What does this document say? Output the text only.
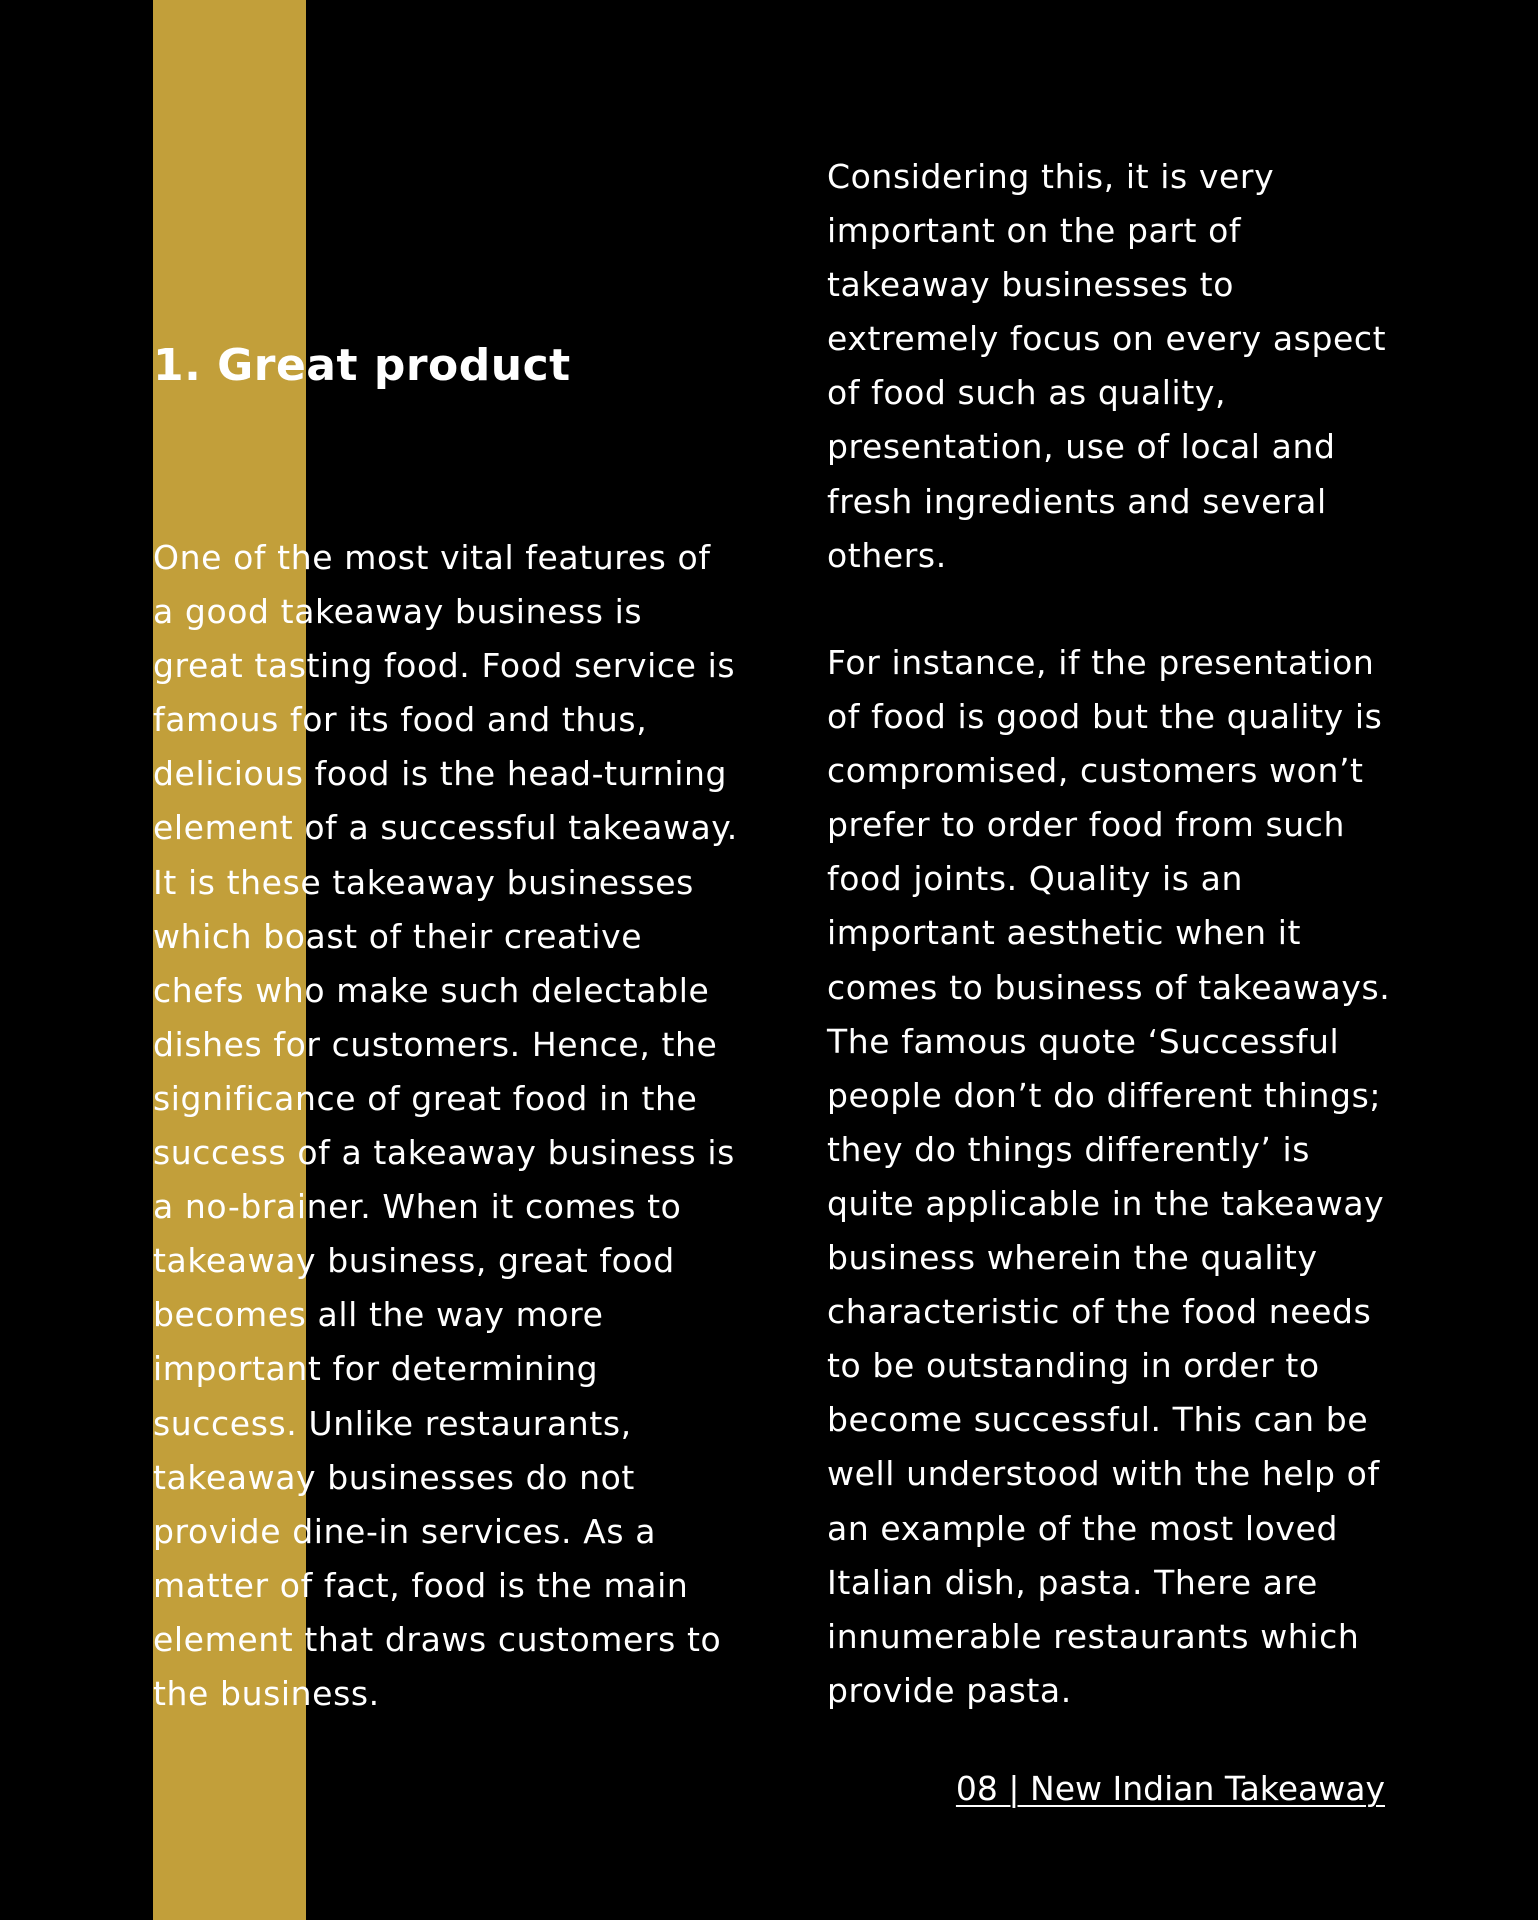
1. Great product

One of the most vital features of
a good takeaway business is
great tasting food. Food service is
famous for its food and thus,
delicious food is the head-turning
element of a successful takeaway.
It is these takeaway businesses
which boast of their creative
chefs who make such delectable
dishes for customers. Hence, the
significance of great food in the
success of a takeaway business is
a no-brainer. When it comes to
takeaway business, great food
becomes all the way more
important for determining
success. Unlike restaurants,
takeaway businesses do not
provide dine-in services. As a
matter of fact, food is the main
element that draws customers to
the business.

Considering this, it is very
important on the part of
takeaway businesses to
extremely focus on every aspect
of food such as quality,
presentation, use of local and
fresh ingredients and several
others.

For instance, if the presentation
of food is good but the quality is
compromised, customers won’t
prefer to order food from such
food joints. Quality is an
important aesthetic when it
comes to business of takeaways.
The famous quote ‘Successful
people don’t do different things;
they do things differently’ is
quite applicable in the takeaway
business wherein the quality
characteristic of the food needs
to be outstanding in order to
become successful. This can be
well understood with the help of
an example of the most loved
Italian dish, pasta. There are
innumerable restaurants which
provide pasta.

08 | New Indian Takeaway
